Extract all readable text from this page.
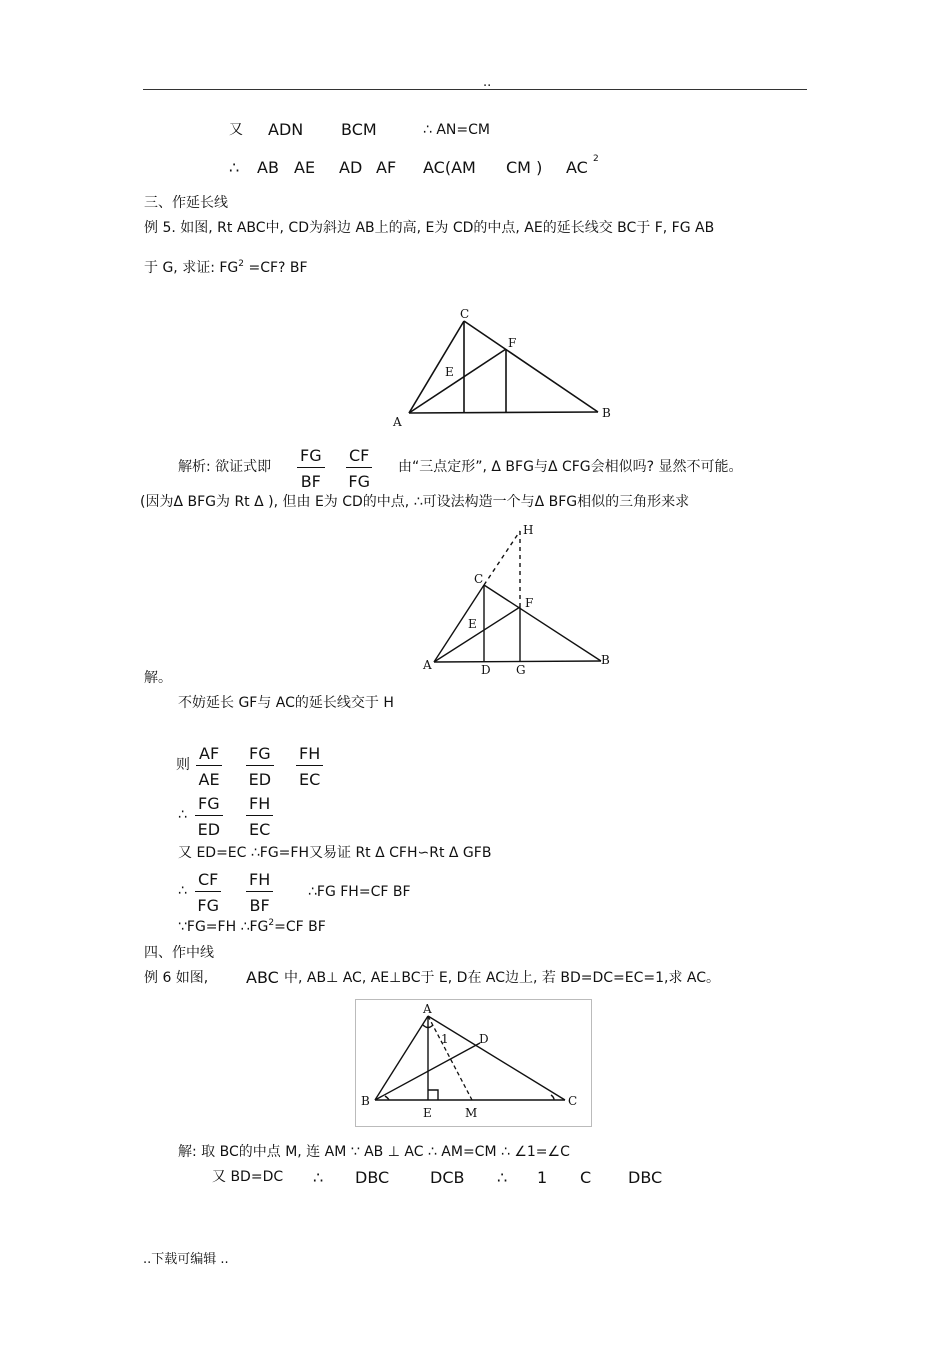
..
又 ADN BCM	∴ AN=CM
∴ AB AE AD AF AC(AM CM ) AC 2
三、作延长线
例 5. 如图, Rt ABC中, CD为斜边 AB上的高, E为 CD的中点, AE的延长线交 BC于 F, FG AB
于 G, 求证: $FG^2 =CF$? BF
C
F
E
A
B
解析: 欲证式即 $\frac{FG}{BF} \frac{CF}{FG}$ 由“三点定形”, Δ BFG与Δ CFG会相似吗? 显然不可能。
(因为Δ BFG为 Rt Δ ), 但由 E为 CD的中点, ∴可设法构造一个与Δ BFG相似的三角形来求
H
C
F
E
A	D G
B
解。
不妨延长 GF与 AC的延长线交于 H
则 $\frac{AF}{AE} \frac{FG}{ED} \frac{FH}{EC}$
∴ $\frac{FG}{ED} \frac{FH}{EC}$
又 ED=EC ∴FG=FH又易证 Rt Δ CFH∽Rt Δ GFB
∴ $\frac{CF}{FG} \frac{FH}{BF}$ ∴FG FH=CF BF
∵FG=FH $\therefore FG^2=CF$ BF
四、作中线
例 6 如图, ABC 中, AB⊥ AC, AE⊥BC于 E, D在 AC边上, 若 BD=DC=EC=1,求 AC。
A
D
1
B
E	M
C
解: 取 BC的中点 M, 连 AM ∵ AB ⊥ AC ∴ AM=CM ∴ ∠1=∠C
又 BD=DC ∴ DBC	DCB ∴ 1 C DBC
..下载可编辑 ..
